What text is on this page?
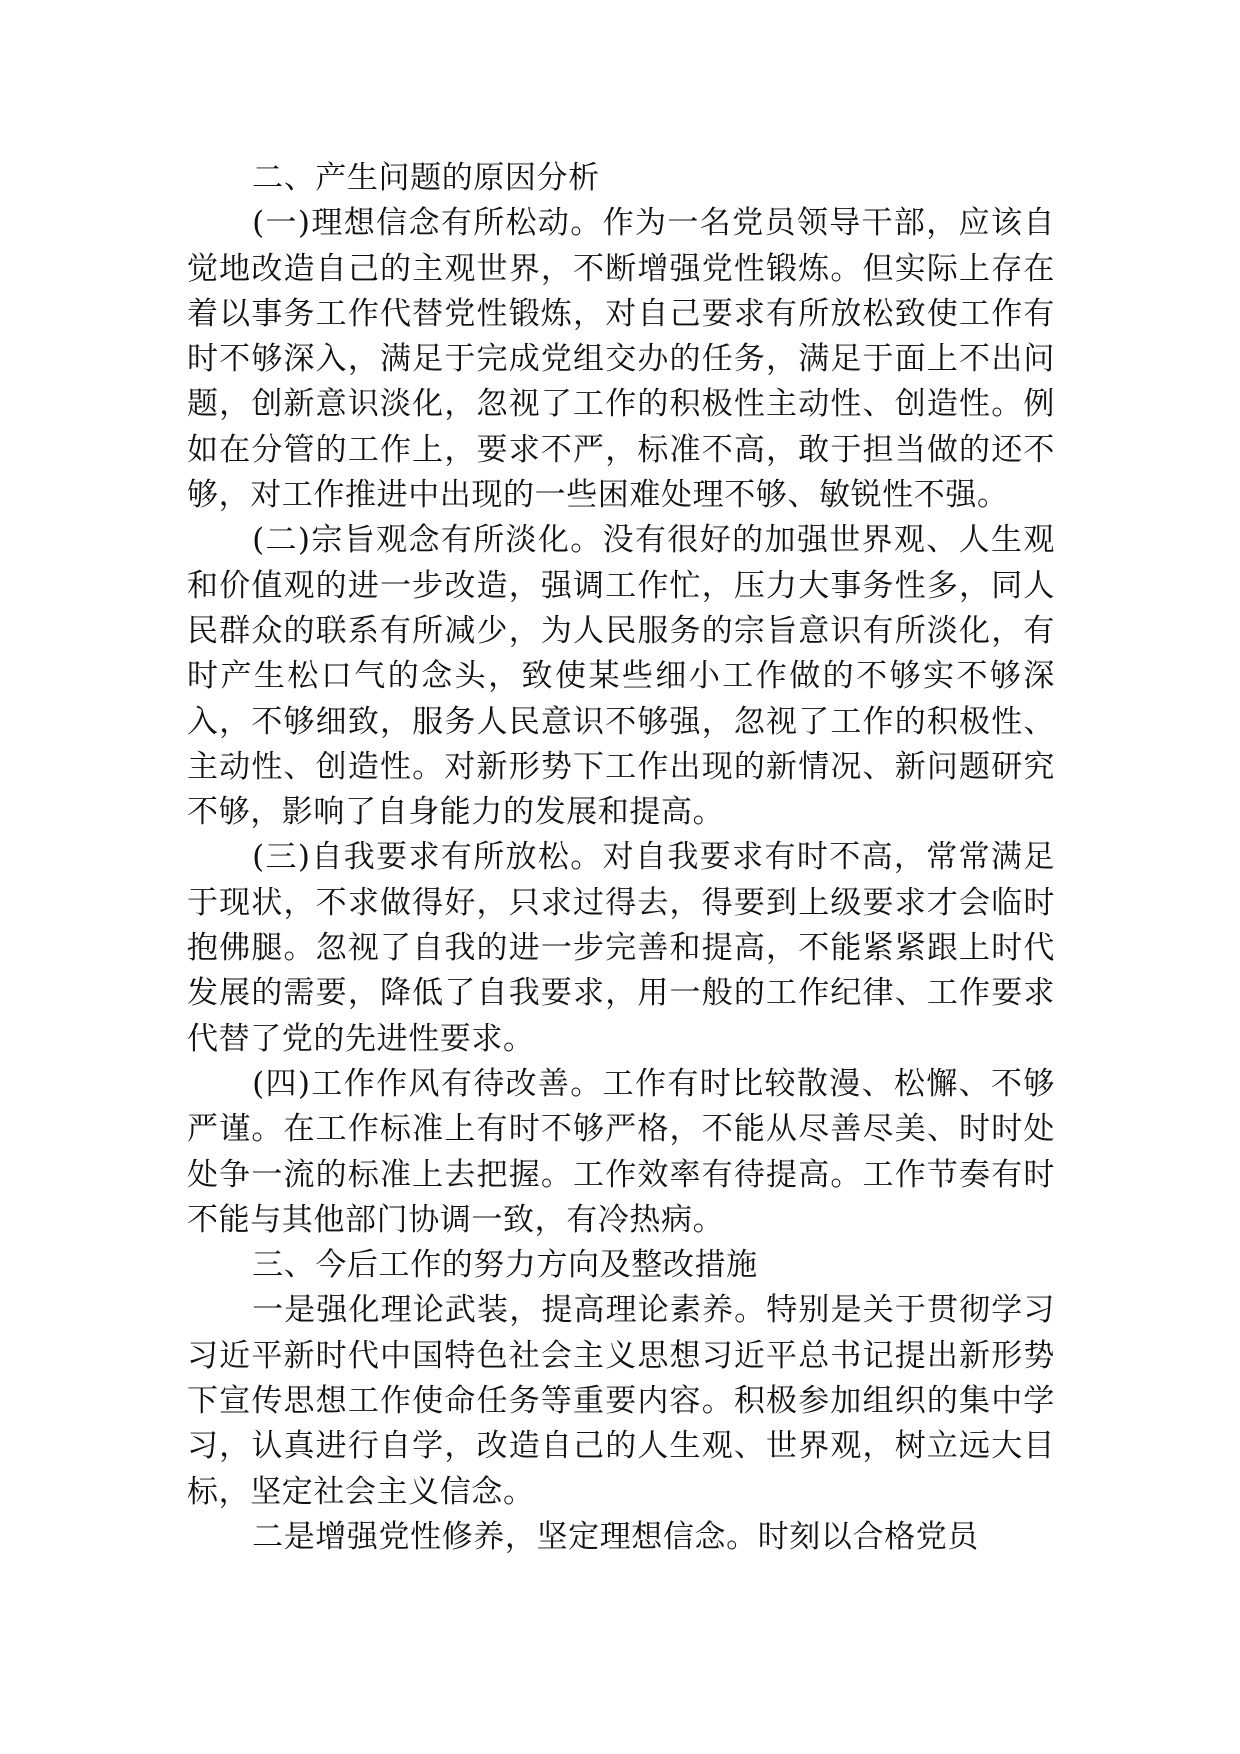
二、产生问题的原因分析

(一)理想信念有所松动。作为一名党员领导干部，应该自觉地改造自己的主观世界，不断增强党性锻炼。但实际上存在着以事务工作代替党性锻炼，对自己要求有所放松致使工作有时不够深入，满足于完成党组交办的任务，满足于面上不出问题，创新意识淡化，忽视了工作的积极性主动性、创造性。例如在分管的工作上，要求不严，标准不高，敢于担当做的还不够，对工作推进中出现的一些困难处理不够、敏锐性不强。

(二)宗旨观念有所淡化。没有很好的加强世界观、人生观和价值观的进一步改造，强调工作忙，压力大事务性多，同人民群众的联系有所减少，为人民服务的宗旨意识有所淡化，有时产生松口气的念头，致使某些细小工作做的不够实不够深入，不够细致，服务人民意识不够强，忽视了工作的积极性、主动性、创造性。对新形势下工作出现的新情况、新问题研究不够，影响了自身能力的发展和提高。

(三)自我要求有所放松。对自我要求有时不高，常常满足于现状，不求做得好，只求过得去，得要到上级要求才会临时抱佛腿。忽视了自我的进一步完善和提高，不能紧紧跟上时代发展的需要，降低了自我要求，用一般的工作纪律、工作要求代替了党的先进性要求。

(四)工作作风有待改善。工作有时比较散漫、松懈、不够严谨。在工作标准上有时不够严格，不能从尽善尽美、时时处处争一流的标准上去把握。工作效率有待提高。工作节奏有时不能与其他部门协调一致，有冷热病。

三、今后工作的努力方向及整改措施

一是强化理论武装，提高理论素养。特别是关于贯彻学习习近平新时代中国特色社会主义思想习近平总书记提出新形势下宣传思想工作使命任务等重要内容。积极参加组织的集中学习，认真进行自学，改造自己的人生观、世界观，树立远大目标，坚定社会主义信念。

二是增强党性修养，坚定理想信念。时刻以合格党员
